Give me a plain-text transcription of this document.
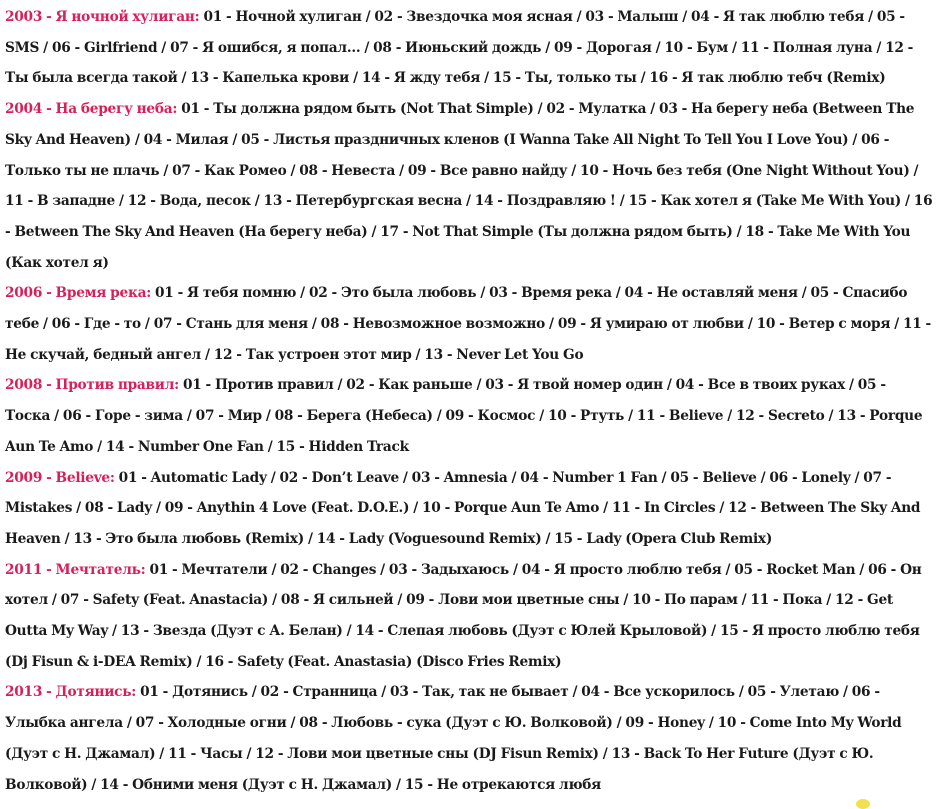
2003 - Я ночной хулиган: 01 - Ночной хулиган / 02 - Звездочка моя ясная / 03 - Малыш / 04 - Я так люблю тебя / 05 - SMS / 06 - Girlfriend / 07 - Я ошибся, я попал... / 08 - Июньский дождь / 09 - Дорогая / 10 - Бум / 11 - Полная луна / 12 - Ты была всегда такой / 13 - Капелька крови / 14 - Я жду тебя / 15 - Ты, только ты / 16 - Я так люблю тебч (Remix)

2004 - На берегу неба: 01 - Ты должна рядом быть (Not That Simple) / 02 - Мулатка / 03 - На берегу неба (Between The Sky And Heaven) / 04 - Милая / 05 - Листья праздничных кленов (I Wanna Take All Night To Tell You I Love You) / 06 - Только ты не плачь / 07 - Как Ромео / 08 - Невеста / 09 - Все равно найду / 10 - Ночь без тебя (One Night Without You) / 11 - В западне / 12 - Вода, песок / 13 - Петербургская весна / 14 - Поздравляю ! / 15 - Как хотел я (Take Me With You) / 16 - Between The Sky And Heaven (На берегу неба) / 17 - Not That Simple (Ты должна рядом быть) / 18 - Take Me With You (Как хотел я)

2006 - Время река: 01 - Я тебя помню / 02 - Это была любовь / 03 - Время река / 04 - Не оставляй меня / 05 - Спасибо тебе / 06 - Где - то / 07 - Стань для меня / 08 - Невозможное возможно / 09 - Я умираю от любви / 10 - Ветер с моря / 11 - Не скучай, бедный ангел / 12 - Так устроен этот мир / 13 - Never Let You Go

2008 - Против правил: 01 - Против правил / 02 - Как раньше / 03 - Я твой номер один / 04 - Все в твоих руках / 05 - Тоска / 06 - Горе - зима / 07 - Мир / 08 - Берега (Небеса) / 09 - Космос / 10 - Ртуть / 11 - Believe / 12 - Secreto / 13 - Porque Aun Te Amo / 14 - Number One Fan / 15 - Hidden Track

2009 - Believe: 01 - Automatic Lady / 02 - Don’t Leave / 03 - Amnesia / 04 - Number 1 Fan / 05 - Believe / 06 - Lonely / 07 - Mistakes / 08 - Lady / 09 - Anythin 4 Love (Feat. D.O.E.) / 10 - Porque Aun Te Amo / 11 - In Circles / 12 - Between The Sky And Heaven / 13 - Это была любовь (Remix) / 14 - Lady (Voguesound Remix) / 15 - Lady (Opera Club Remix)

2011 - Мечтатель: 01 - Мечтатели / 02 - Changes / 03 - Задыхаюсь / 04 - Я просто люблю тебя / 05 - Rocket Man / 06 - Он хотел / 07 - Safety (Feat. Anastacia) / 08 - Я сильней / 09 - Лови мои цветные сны / 10 - По парам / 11 - Пока / 12 - Get Outta My Way / 13 - Звезда (Дуэт с А. Белан) / 14 - Слепая любовь (Дуэт с Юлей Крыловой) / 15 - Я просто люблю тебя (Dj Fisun & i-DEA Remix) / 16 - Safety (Feat. Anastasia) (Disco Fries Remix)

2013 - Дотянись: 01 - Дотянись / 02 - Странница / 03 - Так, так не бывает / 04 - Все ускорилось / 05 - Улетаю / 06 - Улыбка ангела / 07 - Холодные огни / 08 - Любовь - сука (Дуэт с Ю. Волковой) / 09 - Honey / 10 - Come Into My World (Дуэт с Н. Джамал) / 11 - Часы / 12 - Лови мои цветные сны (DJ Fisun Remix) / 13 - Back To Her Future (Дуэт с Ю. Волковой) / 14 - Обними меня (Дуэт с Н. Джамал) / 15 - Не отрекаются любя
